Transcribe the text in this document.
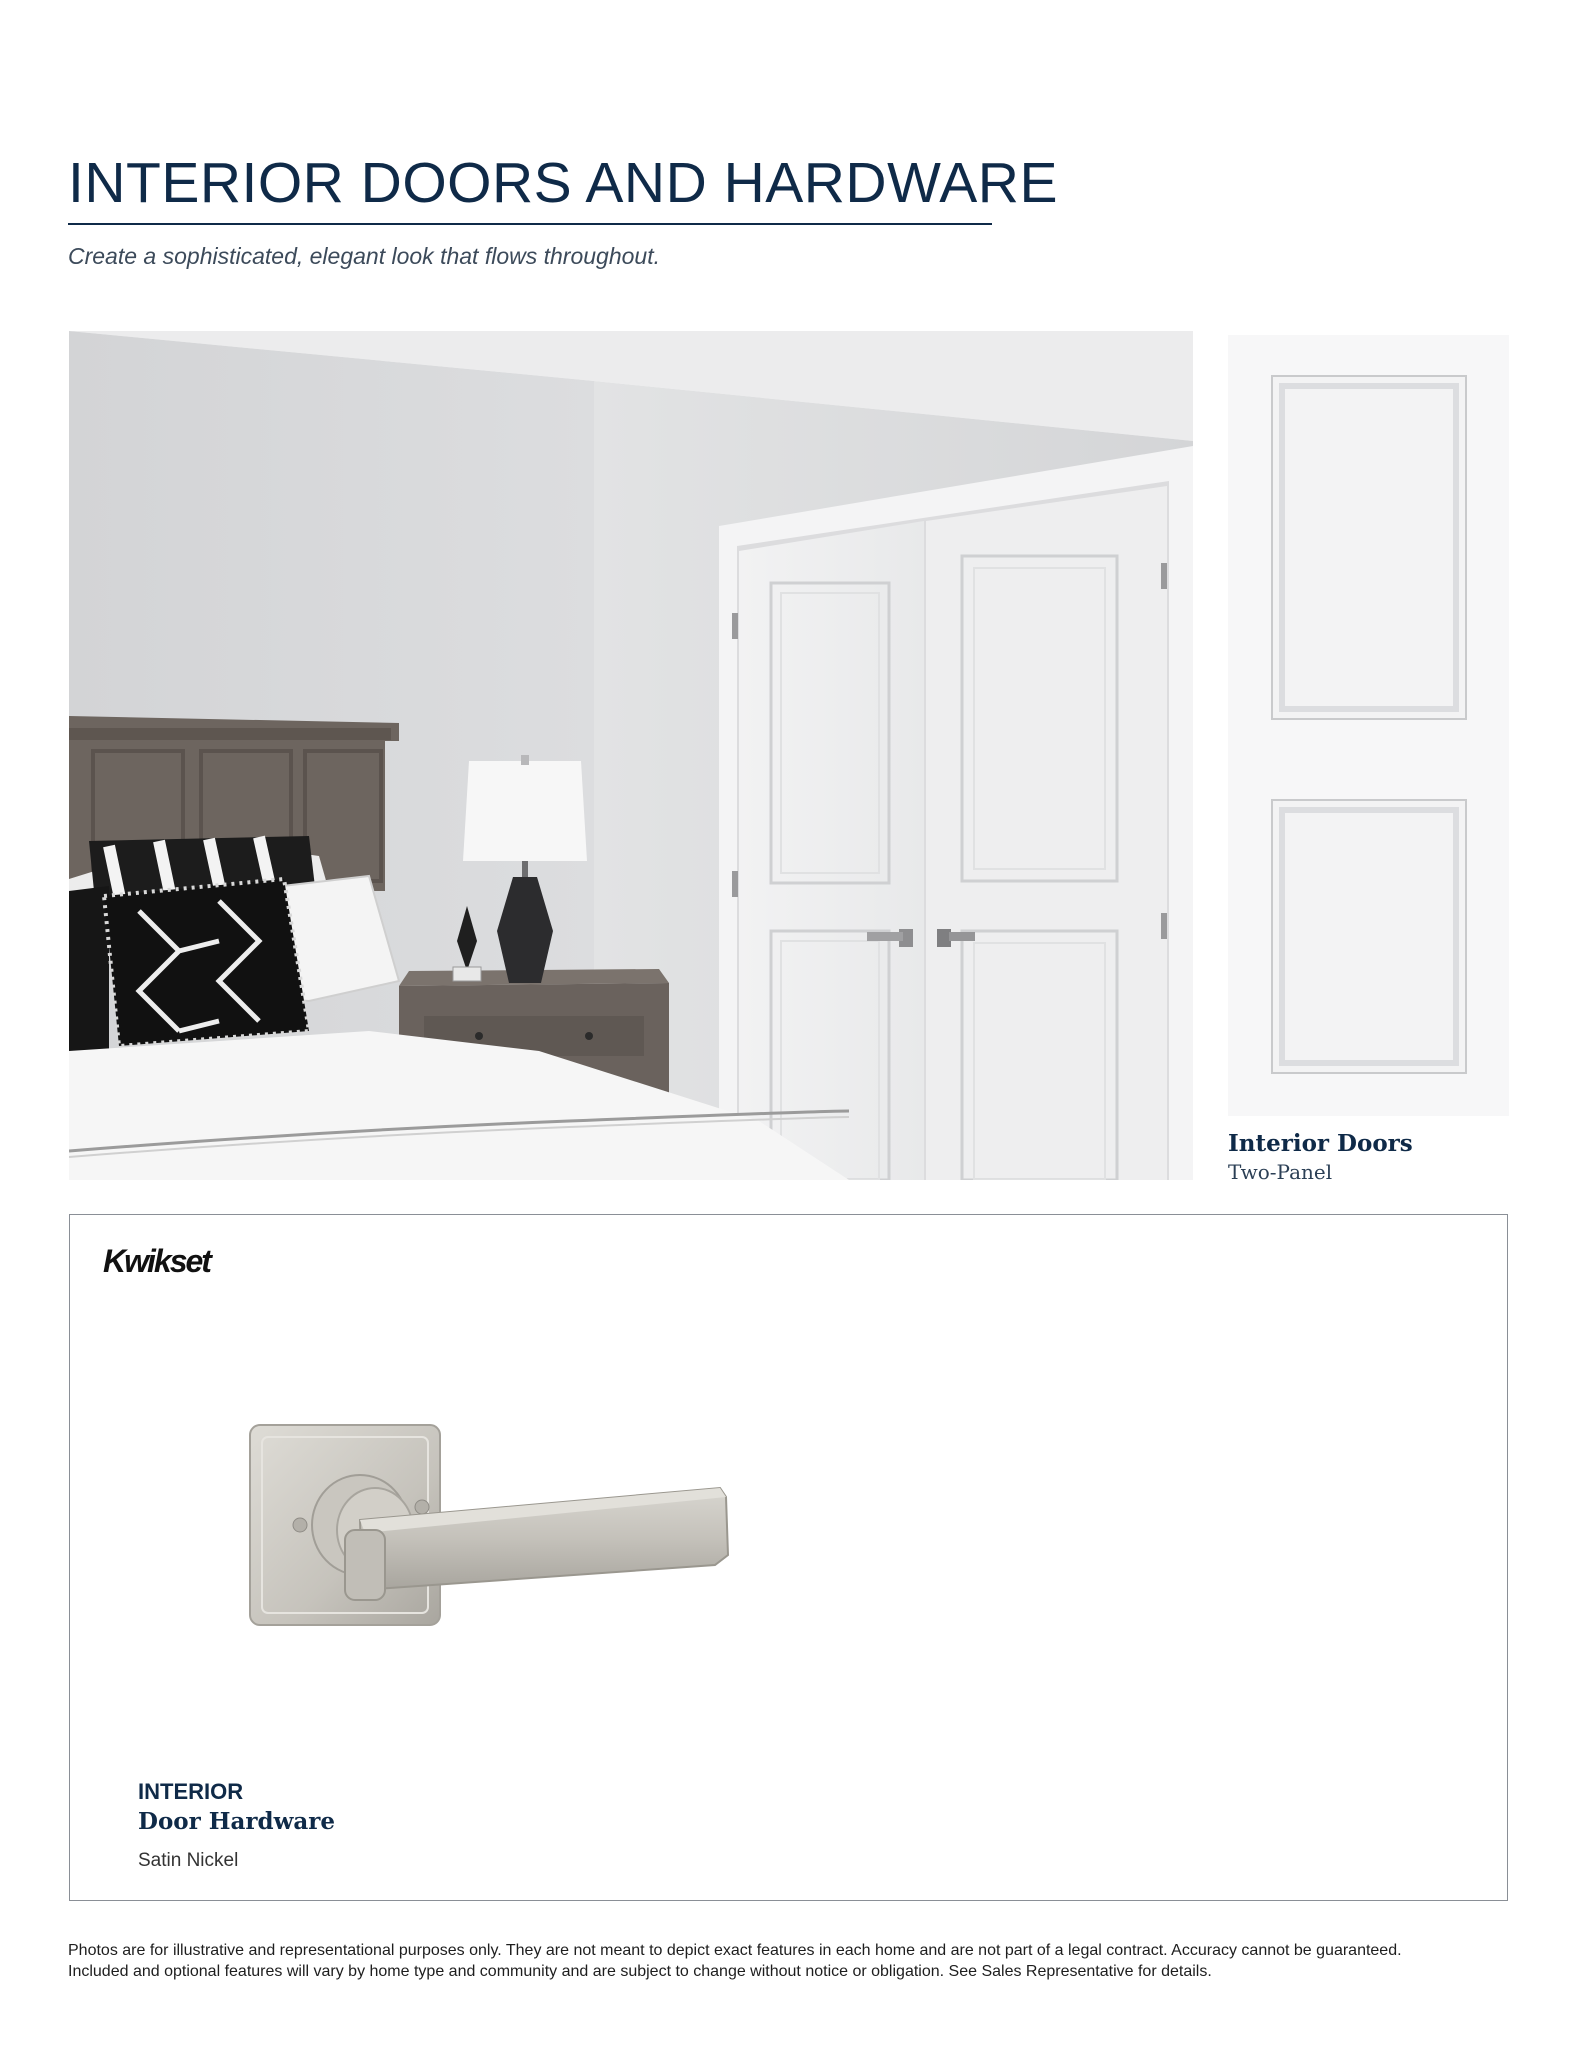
INTERIOR DOORS AND HARDWARE
Create a sophisticated, elegant look that flows throughout.
Interior Doors
Two-Panel
Kwikset
INTERIOR
Door Hardware
Satin Nickel
Photos are for illustrative and representational purposes only. They are not meant to depict exact features in each home and are not part of a legal contract. Accuracy cannot be guaranteed.
Included and optional features will vary by home type and community and are subject to change without notice or obligation. See Sales Representative for details.
